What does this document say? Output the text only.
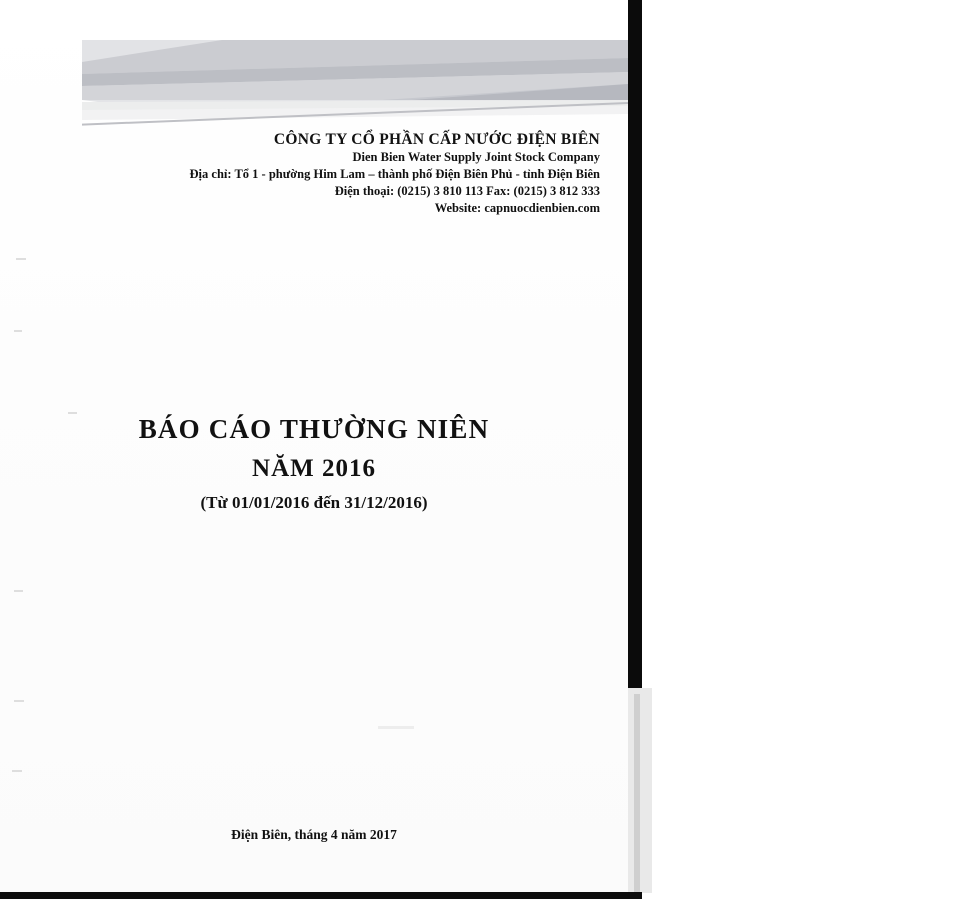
CÔNG TY CỔ PHẦN CẤP NƯỚC ĐIỆN BIÊN
Dien Bien Water Supply Joint Stock Company
Địa chỉ: Tổ 1 - phường Him Lam – thành phố Điện Biên Phủ - tỉnh Điện Biên
Điện thoại: (0215) 3 810 113 Fax: (0215) 3 812 333
Website: capnuocdienbien.com
BÁO CÁO THƯỜNG NIÊN
NĂM 2016

(Từ 01/01/2016 đến 31/12/2016)

Điện Biên, tháng 4 năm 2017
